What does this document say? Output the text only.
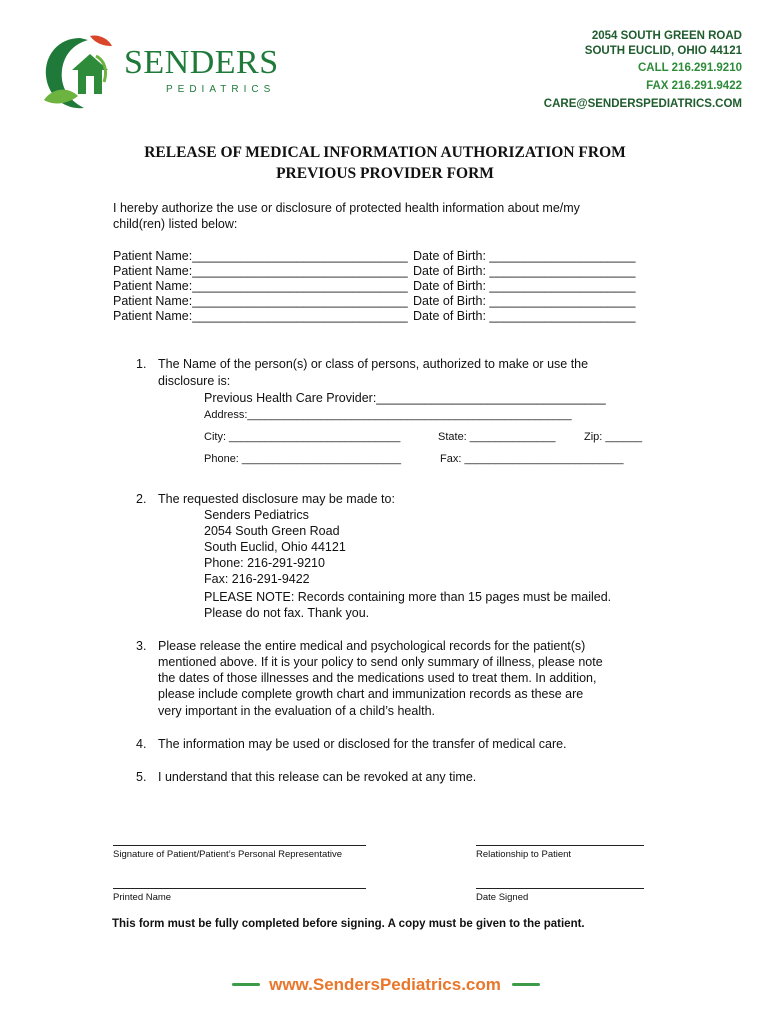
SENDERS
PEDIATRICS
2054 SOUTH GREEN ROAD
SOUTH EUCLID, OHIO 44121
CALL 216.291.9210
FAX 216.291.9422
CARE@SENDERSPEDIATRICS.COM
RELEASE OF MEDICAL INFORMATION AUTHORIZATION FROM
PREVIOUS PROVIDER FORM
I hereby authorize the use or disclosure of protected health information about me/my
child(ren) listed below:
Patient Name:_______________________________ Date of Birth: _____________________
Patient Name:_______________________________ Date of Birth: _____________________
Patient Name:_______________________________ Date of Birth: _____________________
Patient Name:_______________________________ Date of Birth: _____________________
Patient Name:_______________________________ Date of Birth: _____________________
1. The Name of the person(s) or class of persons, authorized to make or use the
disclosure is:
Previous Health Care Provider:_________________________________
Address:_____________________________________________________
City: ____________________________	State: ______________	Zip: ______
Phone: __________________________	Fax: __________________________
2. The requested disclosure may be made to:
Senders Pediatrics
2054 South Green Road
South Euclid, Ohio 44121
Phone: 216-291-9210
Fax: 216-291-9422
PLEASE NOTE: Records containing more than 15 pages must be mailed.
Please do not fax. Thank you.
3. Please release the entire medical and psychological records for the patient(s)
mentioned above. If it is your policy to send only summary of illness, please note
the dates of those illnesses and the medications used to treat them. In addition,
please include complete growth chart and immunization records as these are
very important in the evaluation of a child’s health.
4. The information may be used or disclosed for the transfer of medical care.
5. I understand that this release can be revoked at any time.
Signature of Patient/Patient’s Personal Representative	Relationship to Patient
Printed Name	Date Signed
This form must be fully completed before signing. A copy must be given to the patient.
www.SendersPediatrics.com
